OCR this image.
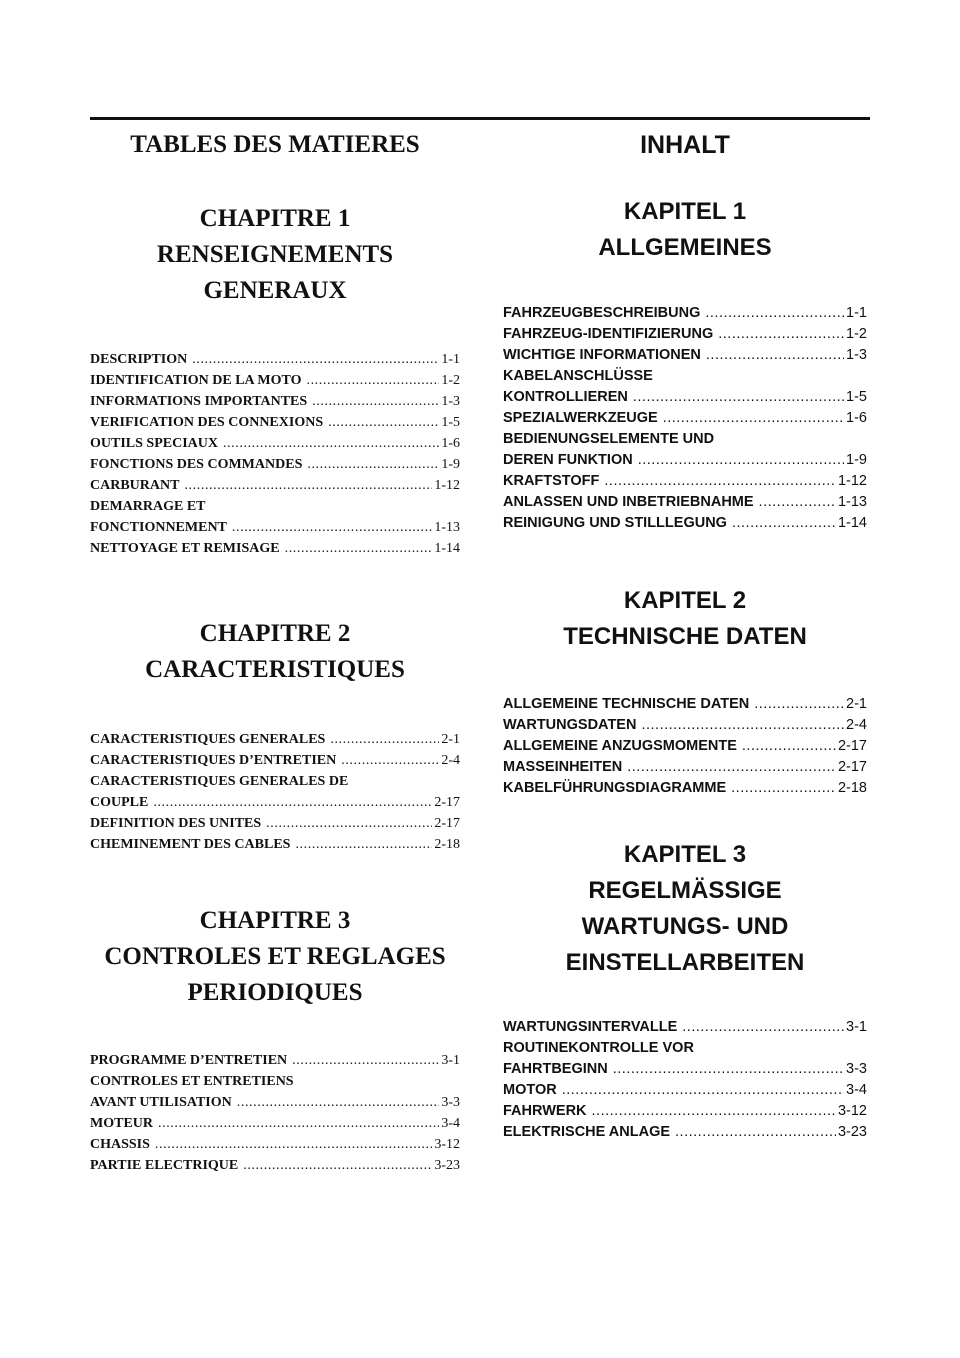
TABLES DES MATIERES
CHAPITRE 1
RENSEIGNEMENTS
GENERAUX
DESCRIPTION .....	1-1
IDENTIFICATION DE LA MOTO .....	1-2
INFORMATIONS IMPORTANTES .....	1-3
VERIFICATION DES CONNEXIONS .....	1-5
OUTILS SPECIAUX .....	1-6
FONCTIONS DES COMMANDES .....	1-9
CARBURANT .....	1-12
DEMARRAGE ET
FONCTIONNEMENT .....	1-13
NETTOYAGE ET REMISAGE .....	1-14
CHAPITRE 2
CARACTERISTIQUES
CARACTERISTIQUES GENERALES .....	2-1
CARACTERISTIQUES D’ENTRETIEN .....	2-4
CARACTERISTIQUES GENERALES DE
COUPLE .....	2-17
DEFINITION DES UNITES .....	2-17
CHEMINEMENT DES CABLES .....	2-18
CHAPITRE 3
CONTROLES ET REGLAGES
PERIODIQUES
PROGRAMME D’ENTRETIEN .....	3-1
CONTROLES ET ENTRETIENS
AVANT UTILISATION .....	3-3
MOTEUR .....	3-4
CHASSIS .....	3-12
PARTIE ELECTRIQUE .....	3-23
INHALT
KAPITEL 1
ALLGEMEINES
FAHRZEUGBESCHREIBUNG .....	1-1
FAHRZEUG-IDENTIFIZIERUNG .....	1-2
WICHTIGE INFORMATIONEN .....	1-3
KABELANSCHLÜSSE
KONTROLLIEREN .....	1-5
SPEZIALWERKZEUGE .....	1-6
BEDIENUNGSELEMENTE UND
DEREN FUNKTION .....	1-9
KRAFTSTOFF .....	1-12
ANLASSEN UND INBETRIEBNAHME .....	1-13
REINIGUNG UND STILLLEGUNG .....	1-14
KAPITEL 2
TECHNISCHE DATEN
ALLGEMEINE TECHNISCHE DATEN .....	2-1
WARTUNGSDATEN .....	2-4
ALLGEMEINE ANZUGSMOMENTE .....	2-17
MASSEINHEITEN .....	2-17
KABELFÜHRUNGSDIAGRAMME .....	2-18
KAPITEL 3
REGELMÄSSIGE
WARTUNGS- UND
EINSTELLARBEITEN
WARTUNGSINTERVALLE .....	3-1
ROUTINEKONTROLLE VOR
FAHRTBEGINN .....	3-3
MOTOR .....	3-4
FAHRWERK .....	3-12
ELEKTRISCHE ANLAGE .....	3-23
